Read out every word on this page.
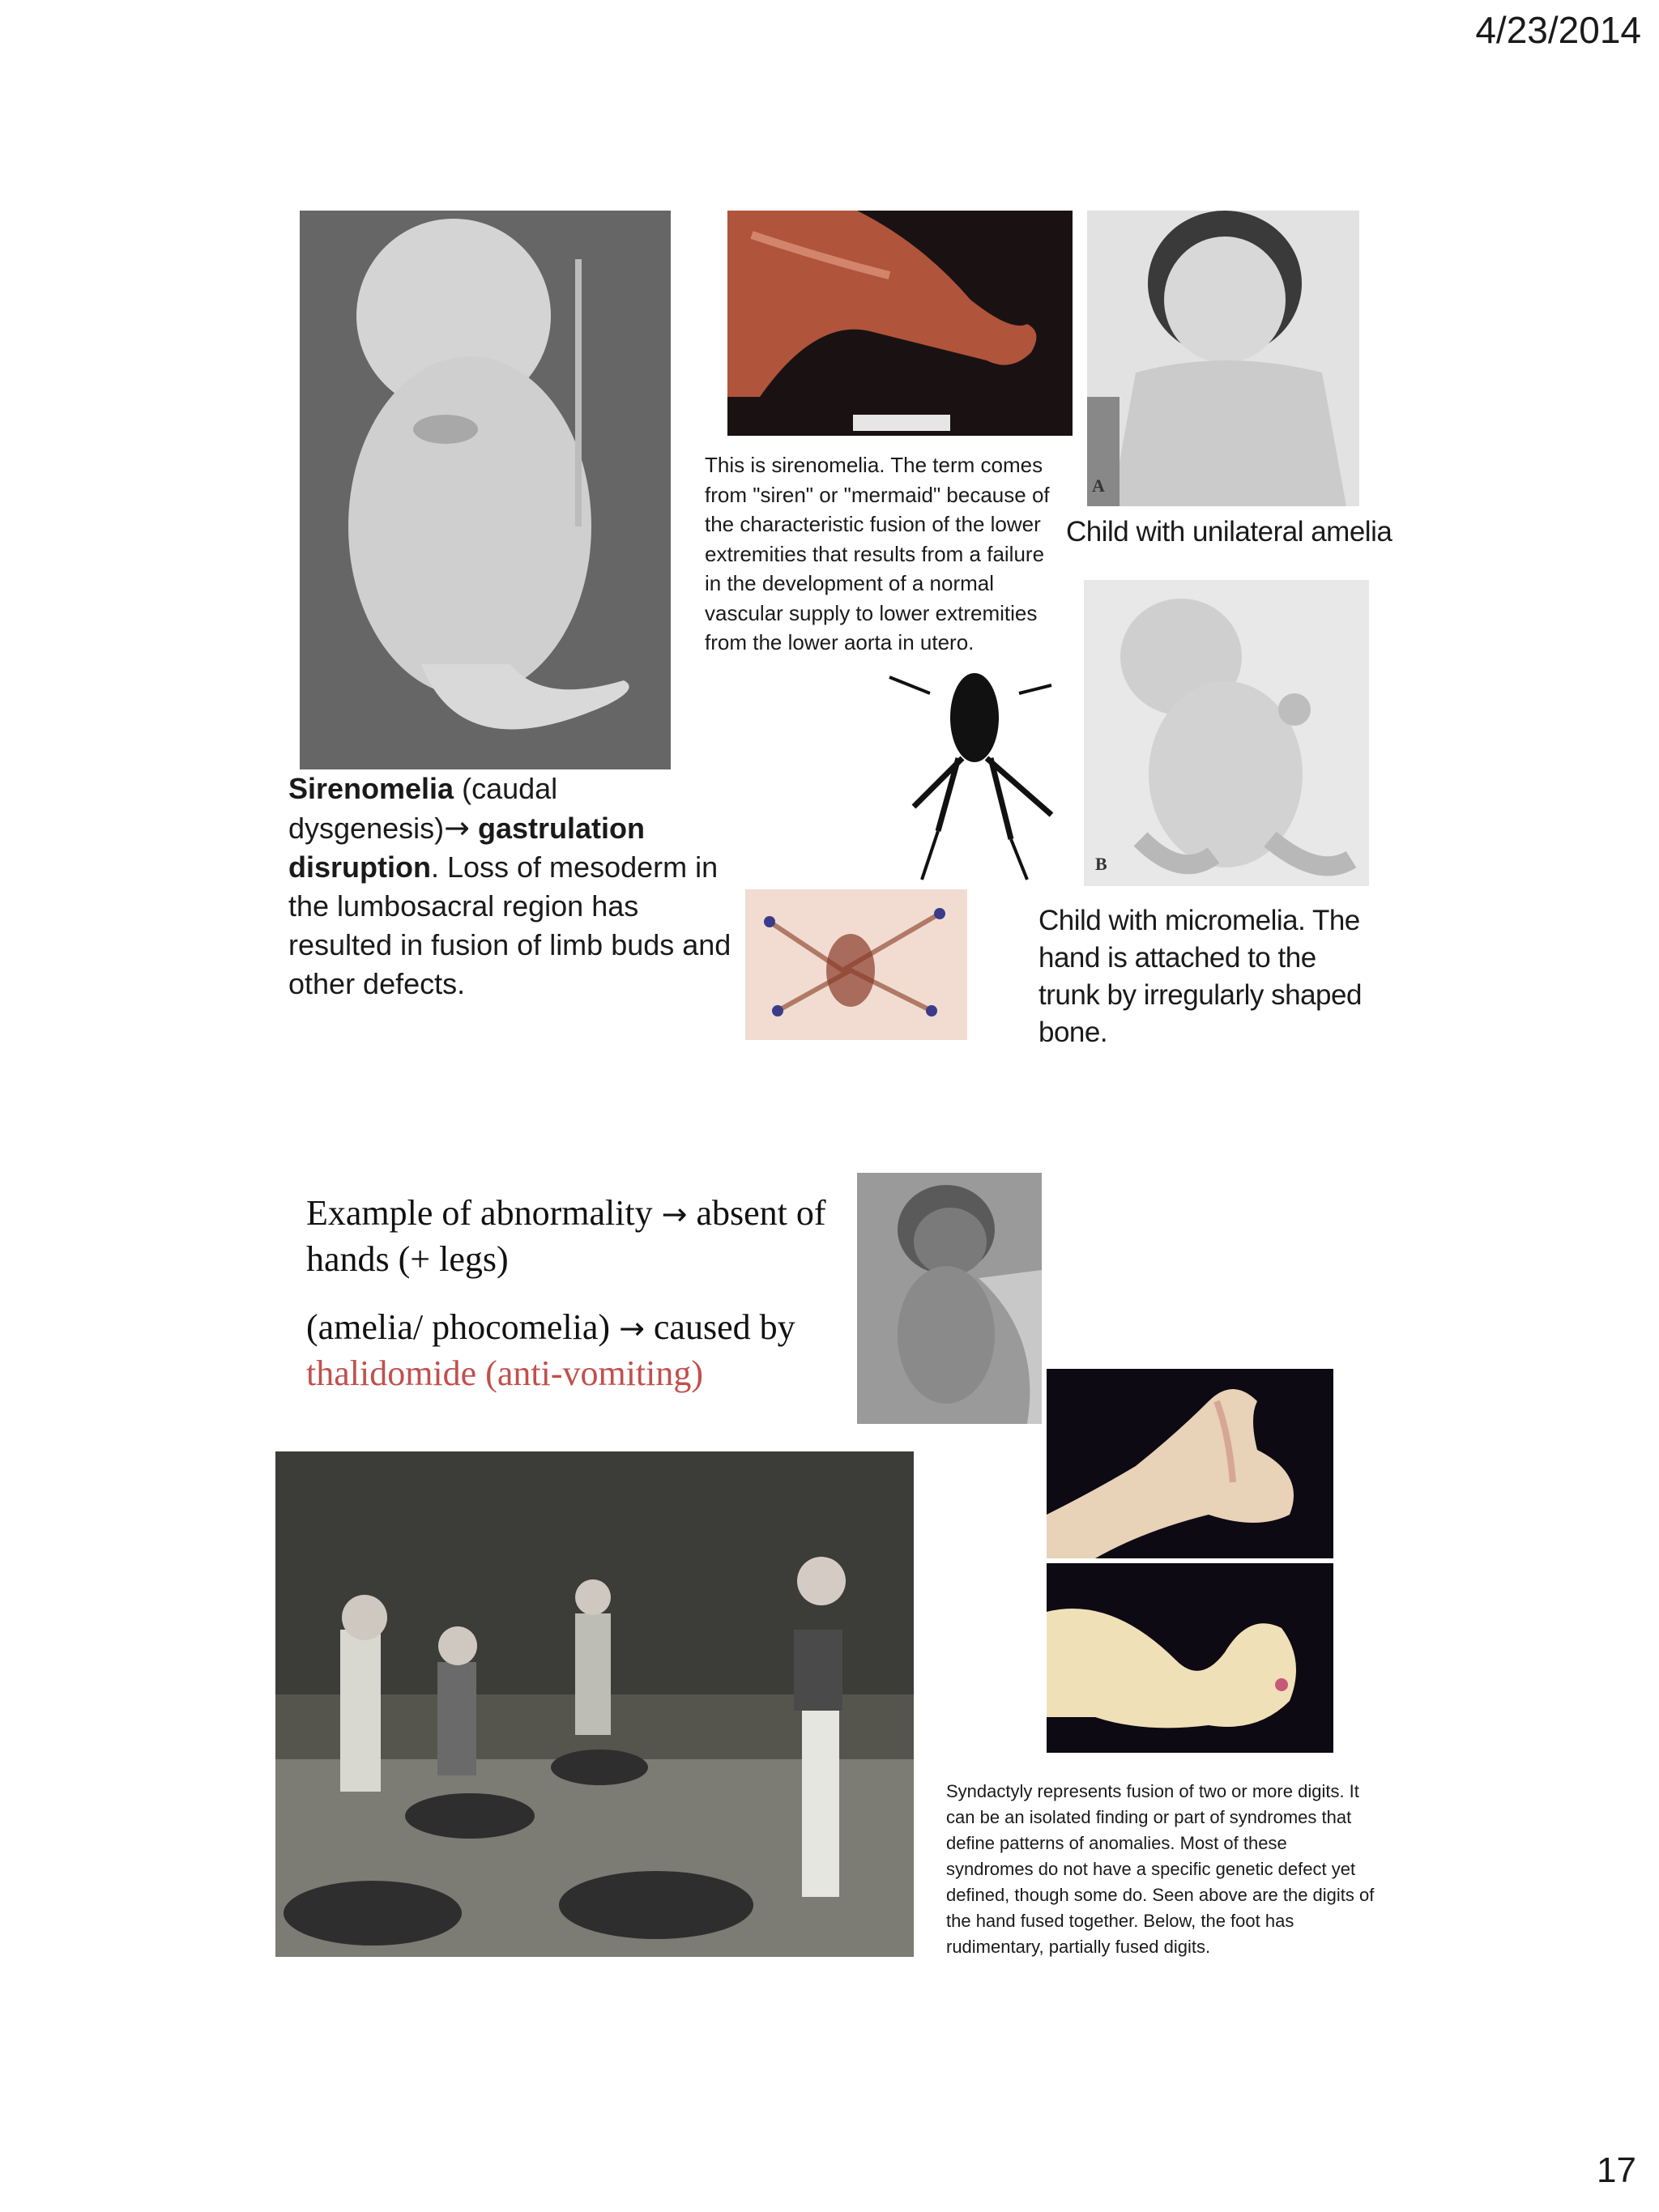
4/23/2014
A
Child with unilateral amelia
This is sirenomelia. The term comes from "siren" or "mermaid" because of the characteristic fusion of the lower extremities that results from a failure in the development of a normal vascular supply to lower extremities from the lower aorta in utero.
B
Child with micromelia. The hand is attached to the trunk by irregularly shaped bone.
Sirenomelia (caudal dysgenesis)→ gastrulation disruption. Loss of mesoderm in the lumbosacral region has resulted in fusion of limb buds and other defects.
Example of abnormality → absent of hands (+ legs)
(amelia/ phocomelia) → caused by
thalidomide (anti-vomiting)
Syndactyly represents fusion of two or more digits. It can be an isolated finding or part of syndromes that define patterns of anomalies. Most of these syndromes do not have a specific genetic defect yet defined, though some do. Seen above are the digits of the hand fused together. Below, the foot has rudimentary, partially fused digits.
17
